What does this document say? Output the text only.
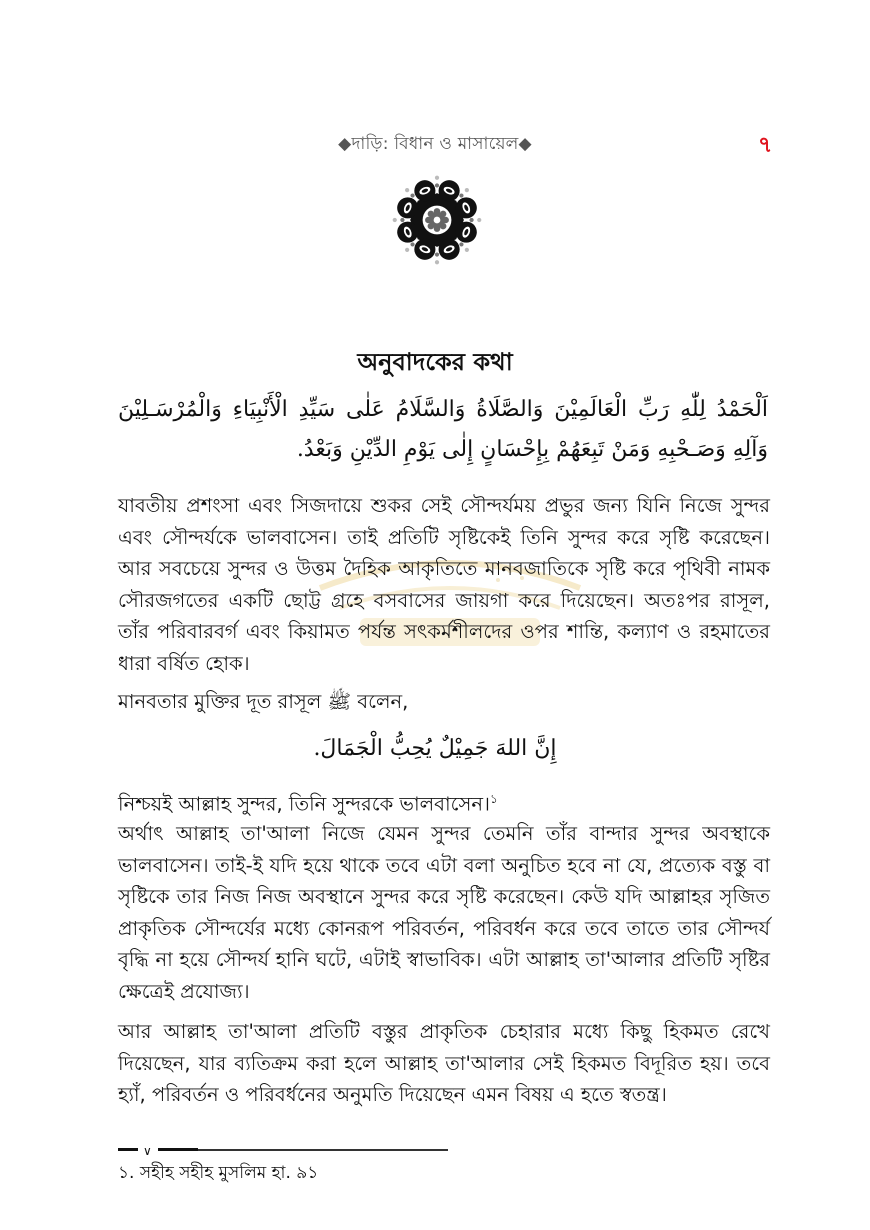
◆দাড়ি: বিধান ও মাসায়েল◆	৭
অনুবাদকের কথা
اَلْحَمْدُ لِلّٰهِ رَبِّ الْعَالَمِيْنَ وَالصَّلَاةُ وَالسَّلَامُ عَلٰى سَيِّدِ الْأَنْبِيَاءِ وَالْمُرْسَـلِيْنَ وَآلِهِ وَصَـحْبِهِ وَمَنْ تَبِعَهُمْ بِإِحْسَانٍ إِلٰى يَوْمِ الدِّيْنِ وَبَعْدُ.

যাবতীয় প্রশংসা এবং সিজদায়ে শুকর সেই সৌন্দর্যময় প্রভুর জন্য যিনি নিজে সুন্দর এবং সৌন্দর্যকে ভালবাসেন। তাই প্রতিটি সৃষ্টিকেই তিনি সুন্দর করে সৃষ্টি করেছেন। আর সবচেয়ে সুন্দর ও উত্তম দৈহিক আকৃতিতে মানবজাতিকে সৃষ্টি করে পৃথিবী নামক সৌরজগতের একটি ছোট্ট গ্রহে বসবাসের জায়গা করে দিয়েছেন। অতঃপর রাসূল, তাঁর পরিবারবর্গ এবং কিয়ামত পর্যন্ত সৎকর্মশীলদের ওপর শান্তি, কল্যাণ ও রহমাতের ধারা বর্ষিত হোক।

মানবতার মুক্তির দূত রাসূল ﷺ বলেন,

إِنَّ اللهَ جَمِيْلٌ يُحِبُّ الْجَمَالَ.

নিশ্চয়ই আল্লাহ সুন্দর, তিনি সুন্দরকে ভালবাসেন।$^১$

অর্থাৎ আল্লাহ তা'আলা নিজে যেমন সুন্দর তেমনি তাঁর বান্দার সুন্দর অবস্থাকে ভালবাসেন। তাই-ই যদি হয়ে থাকে তবে এটা বলা অনুচিত হবে না যে, প্রত্যেক বস্তু বা সৃষ্টিকে তার নিজ নিজ অবস্থানে সুন্দর করে সৃষ্টি করেছেন। কেউ যদি আল্লাহর সৃজিত প্রাকৃতিক সৌন্দর্যের মধ্যে কোনরূপ পরিবর্তন, পরিবর্ধন করে তবে তাতে তার সৌন্দর্য বৃদ্ধি না হয়ে সৌন্দর্য হানি ঘটে, এটাই স্বাভাবিক। এটা আল্লাহ তা'আলার প্রতিটি সৃষ্টির ক্ষেত্রেই প্রযোজ্য।

আর আল্লাহ তা'আলা প্রতিটি বস্তুর প্রাকৃতিক চেহারার মধ্যে কিছু হিকমত রেখে দিয়েছেন, যার ব্যতিক্রম করা হলে আল্লাহ তা'আলার সেই হিকমত বিদূরিত হয়। তবে হ্যাঁ, পরিবর্তন ও পরিবর্ধনের অনুমতি দিয়েছেন এমন বিষয় এ হতে স্বতন্ত্র।

∨
১. সহীহ সহীহ মুসলিম হা. ৯১
